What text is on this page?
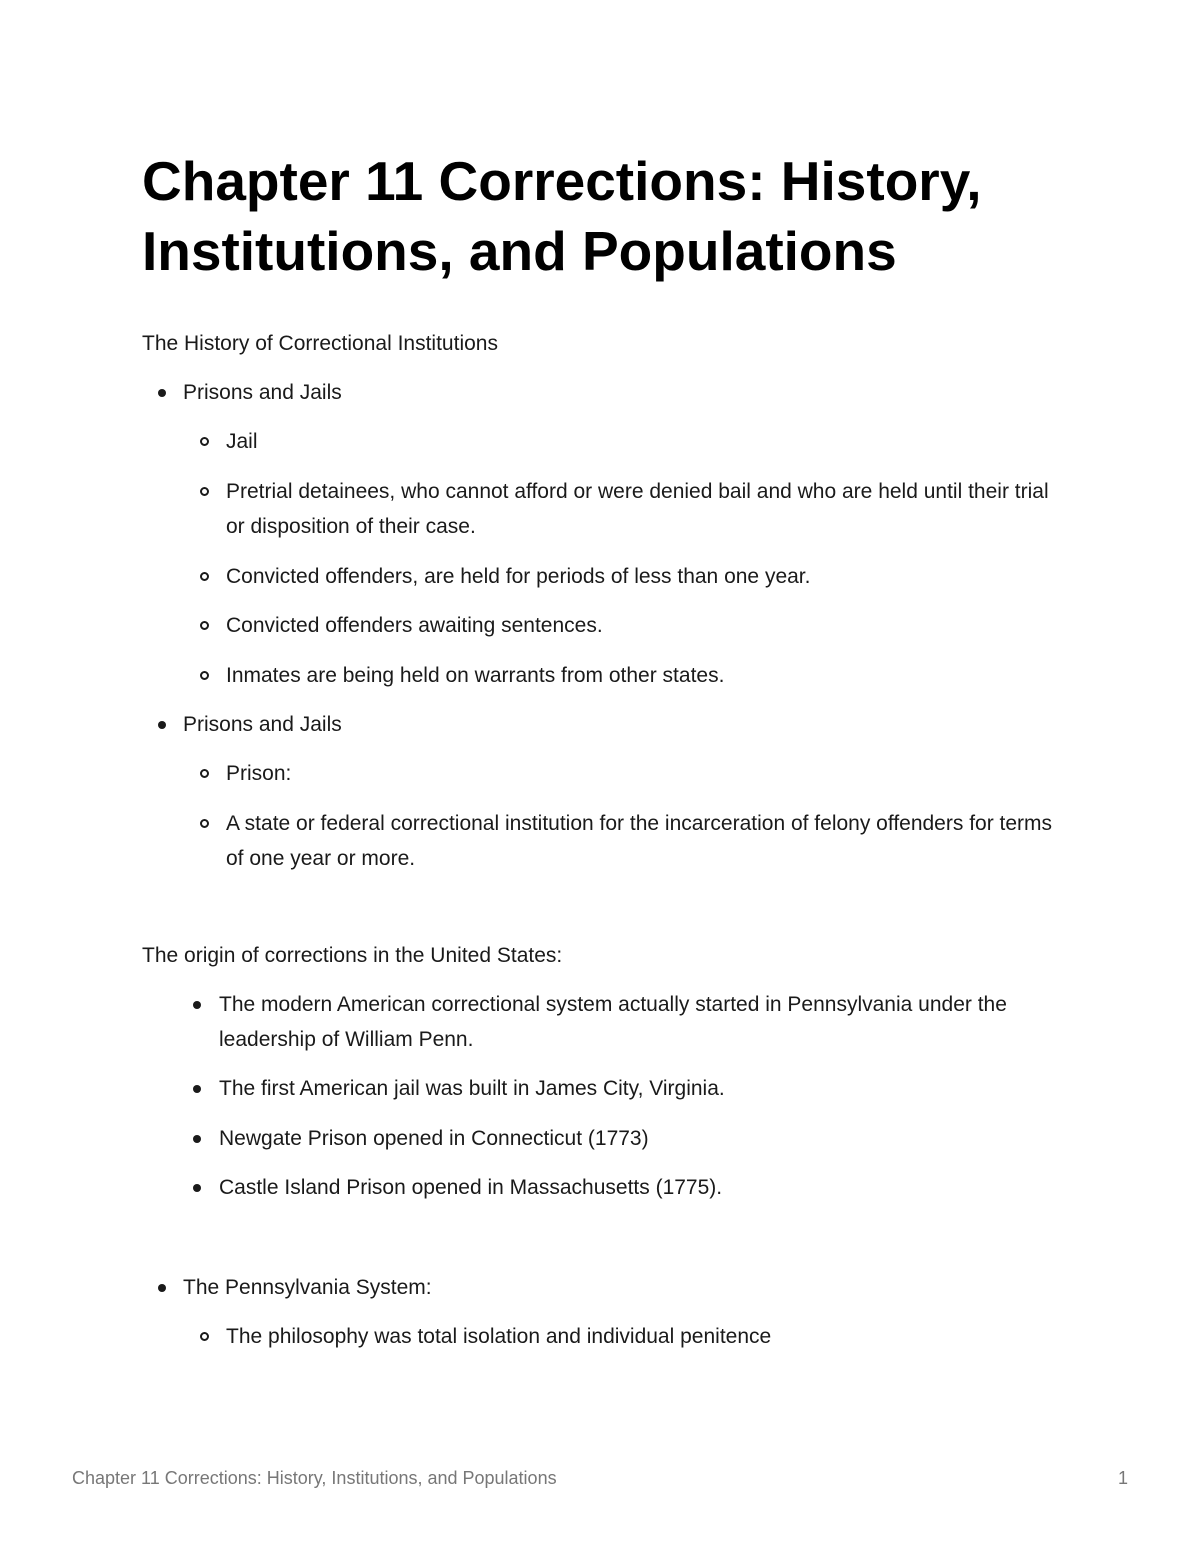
Chapter 11 Corrections: History, Institutions, and Populations

The History of Correctional Institutions

Prisons and Jails
Jail
Pretrial detainees, who cannot afford or were denied bail and who are held until their trial or disposition of their case.
Convicted offenders, are held for periods of less than one year.
Convicted offenders awaiting sentences.
Inmates are being held on warrants from other states.
Prisons and Jails
Prison:
A state or federal correctional institution for the incarceration of felony offenders for terms of one year or more.

The origin of corrections in the United States:

The modern American correctional system actually started in Pennsylvania under the leadership of William Penn.
The first American jail was built in James City, Virginia.
Newgate Prison opened in Connecticut (1773)
Castle Island Prison opened in Massachusetts (1775).
The Pennsylvania System:
The philosophy was total isolation and individual penitence
Chapter 11 Corrections: History, Institutions, and Populations	1
